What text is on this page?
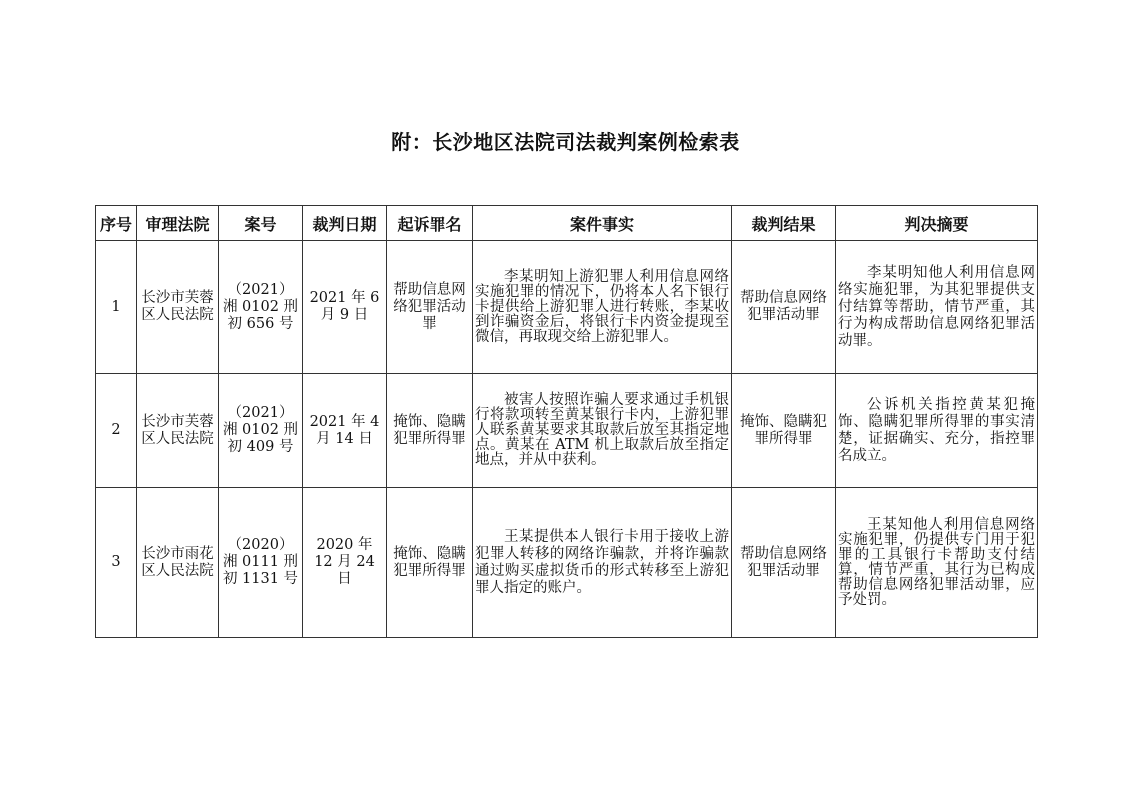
附：长沙地区法院司法裁判案例检索表
序号	审理法院	案号	裁判日期	起诉罪名	案件事实	裁判结果	判决摘要
1	长沙市芙蓉区人民法院	（2021）湘 0102 刑初 656 号	2021 年 6 月 9 日	帮助信息网络犯罪活动罪	李某明知上游犯罪人利用信息网络实施犯罪的情况下，仍将本人名下银行卡提供给上游犯罪人进行转账，李某收到诈骗资金后，将银行卡内资金提现至微信，再取现交给上游犯罪人。	帮助信息网络犯罪活动罪	李某明知他人利用信息网络实施犯罪，为其犯罪提供支付结算等帮助，情节严重，其行为构成帮助信息网络犯罪活动罪。
2	长沙市芙蓉区人民法院	（2021）湘 0102 刑初 409 号	2021 年 4 月 14 日	掩饰、隐瞒犯罪所得罪	被害人按照诈骗人要求通过手机银行将款项转至黄某银行卡内，上游犯罪人联系黄某要求其取款后放至其指定地点。黄某在 ATM 机上取款后放至指定地点，并从中获利。	掩饰、隐瞒犯罪所得罪	公诉机关指控黄某犯掩饰、隐瞒犯罪所得罪的事实清楚，证据确实、充分，指控罪名成立。
3	长沙市雨花区人民法院	（2020）湘 0111 刑初 1131 号	2020 年 12 月 24 日	掩饰、隐瞒犯罪所得罪	王某提供本人银行卡用于接收上游犯罪人转移的网络诈骗款，并将诈骗款通过购买虚拟货币的形式转移至上游犯罪人指定的账户。	帮助信息网络犯罪活动罪	王某知他人利用信息网络实施犯罪，仍提供专门用于犯罪的工具银行卡帮助支付结算，情节严重，其行为已构成帮助信息网络犯罪活动罪，应予处罚。
